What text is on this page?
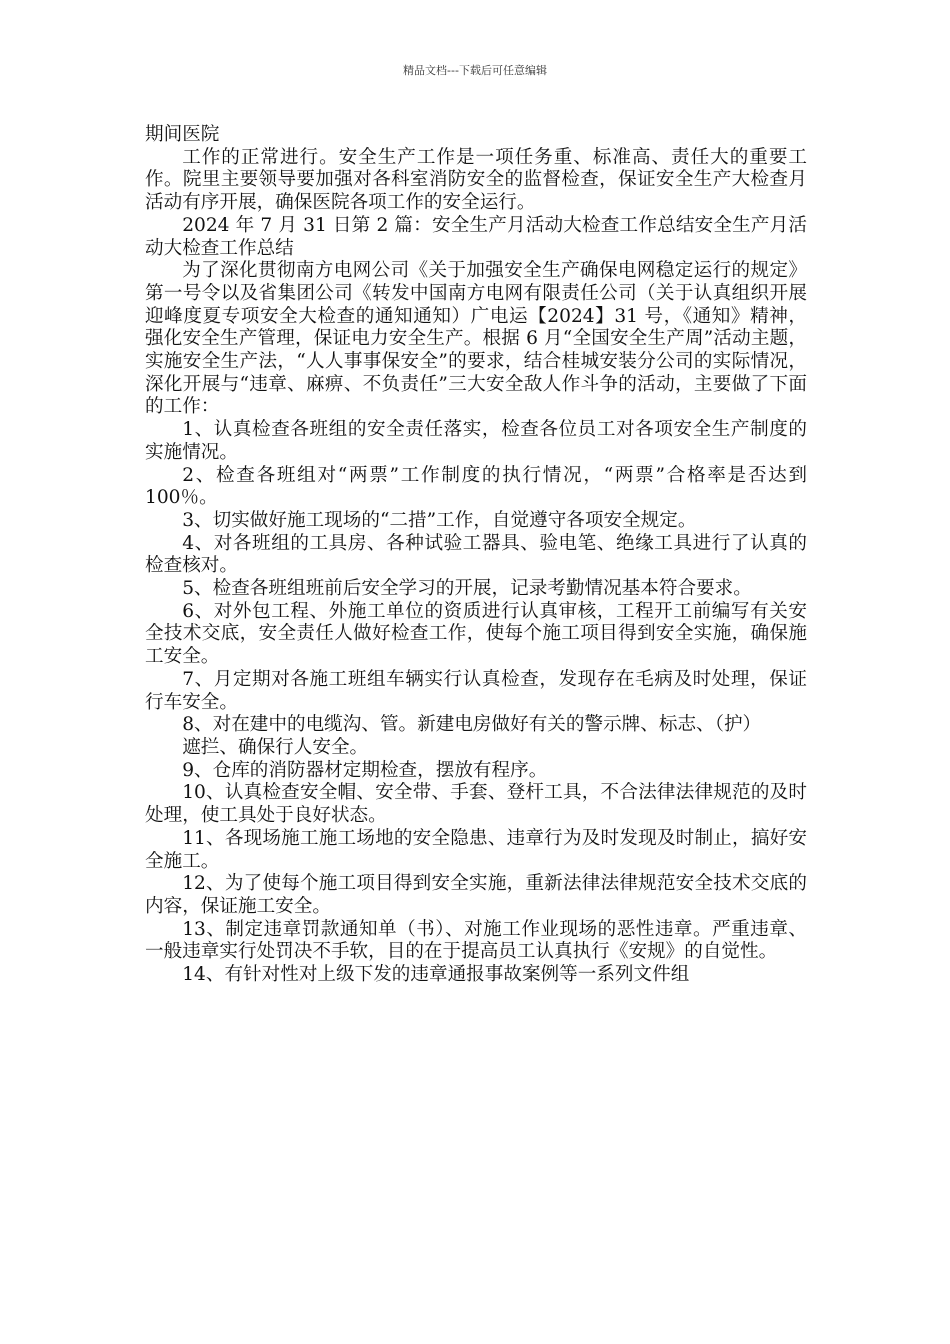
精品文档---下载后可任意编辑

期间医院

工作的正常进行。安全生产工作是一项任务重、标准高、责任大的重要工作。院里主要领导要加强对各科室消防安全的监督检查，保证安全生产大检查月活动有序开展，确保医院各项工作的安全运行。

2024 年 7 月 31 日第 2 篇：安全生产月活动大检查工作总结安全生产月活动大检查工作总结

为了深化贯彻南方电网公司《关于加强安全生产确保电网稳定运行的规定》第一号令以及省集团公司《转发中国南方电网有限责任公司（关于认真组织开展迎峰度夏专项安全大检查的通知通知）广电运【2024】31 号，《通知》精神，强化安全生产管理，保证电力安全生产。根据 6 月“全国安全生产周”活动主题，实施安全生产法，“人人事事保安全”的要求，结合桂城安装分公司的实际情况，深化开展与“违章、麻痹、不负责任”三大安全敌人作斗争的活动，主要做了下面的工作：

1、认真检查各班组的安全责任落实，检查各位员工对各项安全生产制度的实施情况。

2、检查各班组对“两票”工作制度的执行情况，“两票”合格率是否达到 100％。

3、切实做好施工现场的“二措”工作，自觉遵守各项安全规定。

4、对各班组的工具房、各种试验工器具、验电笔、绝缘工具进行了认真的检查核对。

5、检查各班组班前后安全学习的开展，记录考勤情况基本符合要求。

6、对外包工程、外施工单位的资质进行认真审核，工程开工前编写有关安全技术交底，安全责任人做好检查工作，使每个施工项目得到安全实施，确保施工安全。

7、月定期对各施工班组车辆实行认真检查，发现存在毛病及时处理，保证行车安全。

8、对在建中的电缆沟、管。新建电房做好有关的警示牌、标志、（护）

遮拦、确保行人安全。

9、仓库的消防器材定期检查，摆放有程序。

10、认真检查安全帽、安全带、手套、登杆工具，不合法律法律规范的及时处理，使工具处于良好状态。

11、各现场施工施工场地的安全隐患、违章行为及时发现及时制止，搞好安全施工。

12、为了使每个施工项目得到安全实施，重新法律法律规范安全技术交底的内容，保证施工安全。

13、制定违章罚款通知单（书）、对施工作业现场的恶性违章。严重违章、一般违章实行处罚决不手软，目的在于提高员工认真执行《安规》的自觉性。

14、有针对性对上级下发的违章通报事故案例等一系列文件组
